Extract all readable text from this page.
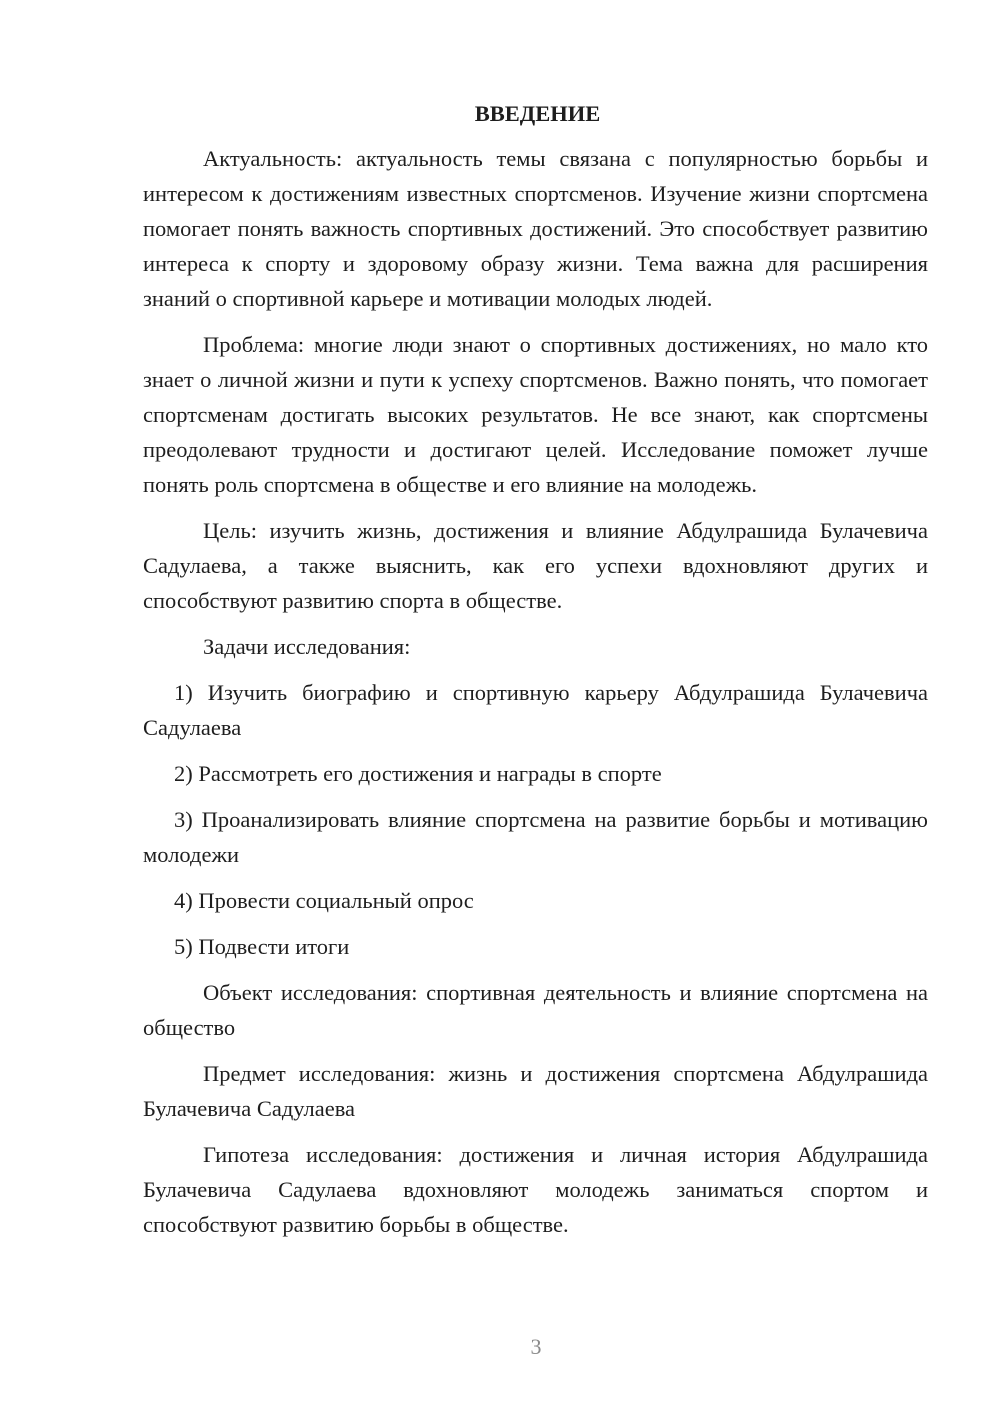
ВВЕДЕНИЕ

Актуальность: актуальность темы связана с популярностью борьбы и интересом к достижениям известных спортсменов. Изучение жизни спортсмена помогает понять важность спортивных достижений. Это способствует развитию интереса к спорту и здоровому образу жизни. Тема важна для расширения знаний о спортивной карьере и мотивации молодых людей.

Проблема: многие люди знают о спортивных достижениях, но мало кто знает о личной жизни и пути к успеху спортсменов. Важно понять, что помогает спортсменам достигать высоких результатов. Не все знают, как спортсмены преодолевают трудности и достигают целей. Исследование поможет лучше понять роль спортсмена в обществе и его влияние на молодежь.

Цель: изучить жизнь, достижения и влияние Абдулрашида Булачевича Садулаева, а также выяснить, как его успехи вдохновляют других и способствуют развитию спорта в обществе.

Задачи исследования:

1) Изучить биографию и спортивную карьеру Абдулрашида Булачевича Садулаева

2) Рассмотреть его достижения и награды в спорте

3) Проанализировать влияние спортсмена на развитие борьбы и мотивацию молодежи

4) Провести социальный опрос

5) Подвести итоги

Объект исследования: спортивная деятельность и влияние спортсмена на общество

Предмет исследования: жизнь и достижения спортсмена Абдулрашида Булачевича Садулаева

Гипотеза исследования: достижения и личная история Абдулрашида Булачевича Садулаева вдохновляют молодежь заниматься спортом и способствуют развитию борьбы в обществе.

3
